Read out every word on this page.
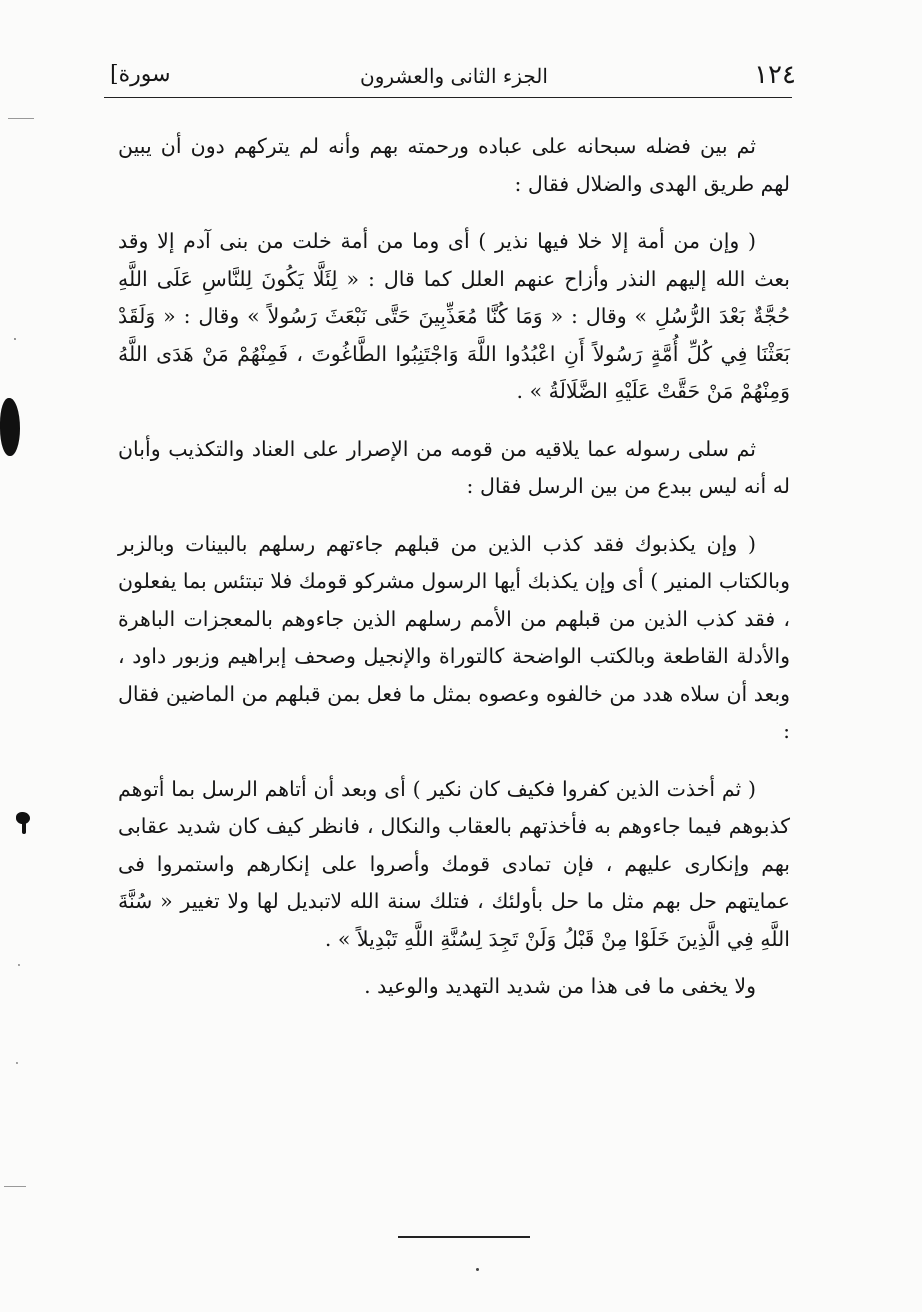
[سورة	الجزء الثانى والعشرون	١٢٤

ثم بين فضله سبحانه على عباده ورحمته بهم وأنه لم يتركهم دون أن يبين لهم طريق الهدى والضلال فقال :

( وإن من أمة إلا خلا فيها نذير ) أى وما من أمة خلت من بنى آدم إلا وقد بعث الله إليهم النذر وأزاح عنهم العلل كما قال : « لِئَلَّا يَكُونَ لِلنَّاسِ عَلَى اللَّهِ حُجَّةٌ بَعْدَ الرُّسُلِ » وقال : « وَمَا كُنَّا مُعَذِّبِينَ حَتَّى نَبْعَثَ رَسُولاً » وقال : « وَلَقَدْ بَعَثْنَا فِي كُلِّ أُمَّةٍ رَسُولاً أَنِ اعْبُدُوا اللَّهَ وَاجْتَنِبُوا الطَّاغُوتَ ، فَمِنْهُمْ مَنْ هَدَى اللَّهُ وَمِنْهُمْ مَنْ حَقَّتْ عَلَيْهِ الضَّلَالَةُ » .

ثم سلى رسوله عما يلاقيه من قومه من الإصرار على العناد والتكذيب وأبان له أنه ليس ببدع من بين الرسل فقال :

( وإن يكذبوك فقد كذب الذين من قبلهم جاءتهم رسلهم بالبينات وبالزبر وبالكتاب المنير ) أى وإن يكذبك أيها الرسول مشركو قومك فلا تبتئس بما يفعلون ، فقد كذب الذين من قبلهم من الأمم رسلهم الذين جاءوهم بالمعجزات الباهرة والأدلة القاطعة وبالكتب الواضحة كالتوراة والإنجيل وصحف إبراهيم وزبور داود ، وبعد أن سلاه هدد من خالفوه وعصوه بمثل ما فعل بمن قبلهم من الماضين فقال :

( ثم أخذت الذين كفروا فكيف كان نكير ) أى وبعد أن أتاهم الرسل بما أتوهم كذبوهم فيما جاءوهم به فأخذتهم بالعقاب والنكال ، فانظر كيف كان شديد عقابى بهم وإنكارى عليهم ، فإن تمادى قومك وأصروا على إنكارهم واستمروا فى عمايتهم حل بهم مثل ما حل بأولئك ، فتلك سنة الله لاتبديل لها ولا تغيير « سُنَّةَ اللَّهِ فِي الَّذِينَ خَلَوْا مِنْ قَبْلُ وَلَنْ تَجِدَ لِسُنَّةِ اللَّهِ تَبْدِيلاً » .

ولا يخفى ما فى هذا من شديد التهديد والوعيد .
